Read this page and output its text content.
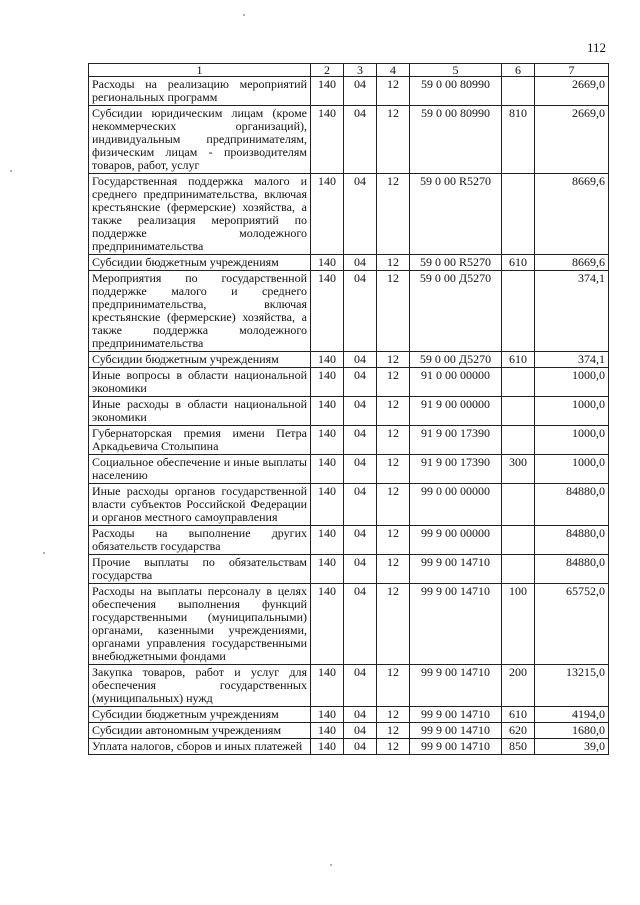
112
1	2	3	4	5	6	7
Расходы на реализацию мероприятий региональных программ	140	04	12	59 0 00 80990		2669,0
Субсидии юридическим лицам (кроме некоммерческих организаций), индивидуальным предпринимателям, физическим лицам - производителям товаров, работ, услуг	140	04	12	59 0 00 80990	810	2669,0
Государственная поддержка малого и среднего предпринимательства, включая крестьянские (фермерские) хозяйства, а также реализация мероприятий по поддержке молодежного предпринимательства	140	04	12	59 0 00 R5270		8669,6
Субсидии бюджетным учреждениям	140	04	12	59 0 00 R5270	610	8669,6
Мероприятия по государственной поддержке малого и среднего предпринимательства, включая крестьянские (фермерские) хозяйства, а также поддержка молодежного предпринимательства	140	04	12	59 0 00 Д5270		374,1
Субсидии бюджетным учреждениям	140	04	12	59 0 00 Д5270	610	374,1
Иные вопросы в области национальной экономики	140	04	12	91 0 00 00000		1000,0
Иные расходы в области национальной экономики	140	04	12	91 9 00 00000		1000,0
Губернаторская премия имени Петра Аркадьевича Столыпина	140	04	12	91 9 00 17390		1000,0
Социальное обеспечение и иные выплаты населению	140	04	12	91 9 00 17390	300	1000,0
Иные расходы органов государственной власти субъектов Российской Федерации и органов местного самоуправления	140	04	12	99 0 00 00000		84880,0
Расходы на выполнение других обязательств государства	140	04	12	99 9 00 00000		84880,0
Прочие выплаты по обязательствам государства	140	04	12	99 9 00 14710		84880,0
Расходы на выплаты персоналу в целях обеспечения выполнения функций государственными (муниципальными) органами, казенными учреждениями, органами управления государственными внебюджетными фондами	140	04	12	99 9 00 14710	100	65752,0
Закупка товаров, работ и услуг для обеспечения государственных (муниципальных) нужд	140	04	12	99 9 00 14710	200	13215,0
Субсидии бюджетным учреждениям	140	04	12	99 9 00 14710	610	4194,0
Субсидии автономным учреждениям	140	04	12	99 9 00 14710	620	1680,0
Уплата налогов, сборов и иных платежей	140	04	12	99 9 00 14710	850	39,0
